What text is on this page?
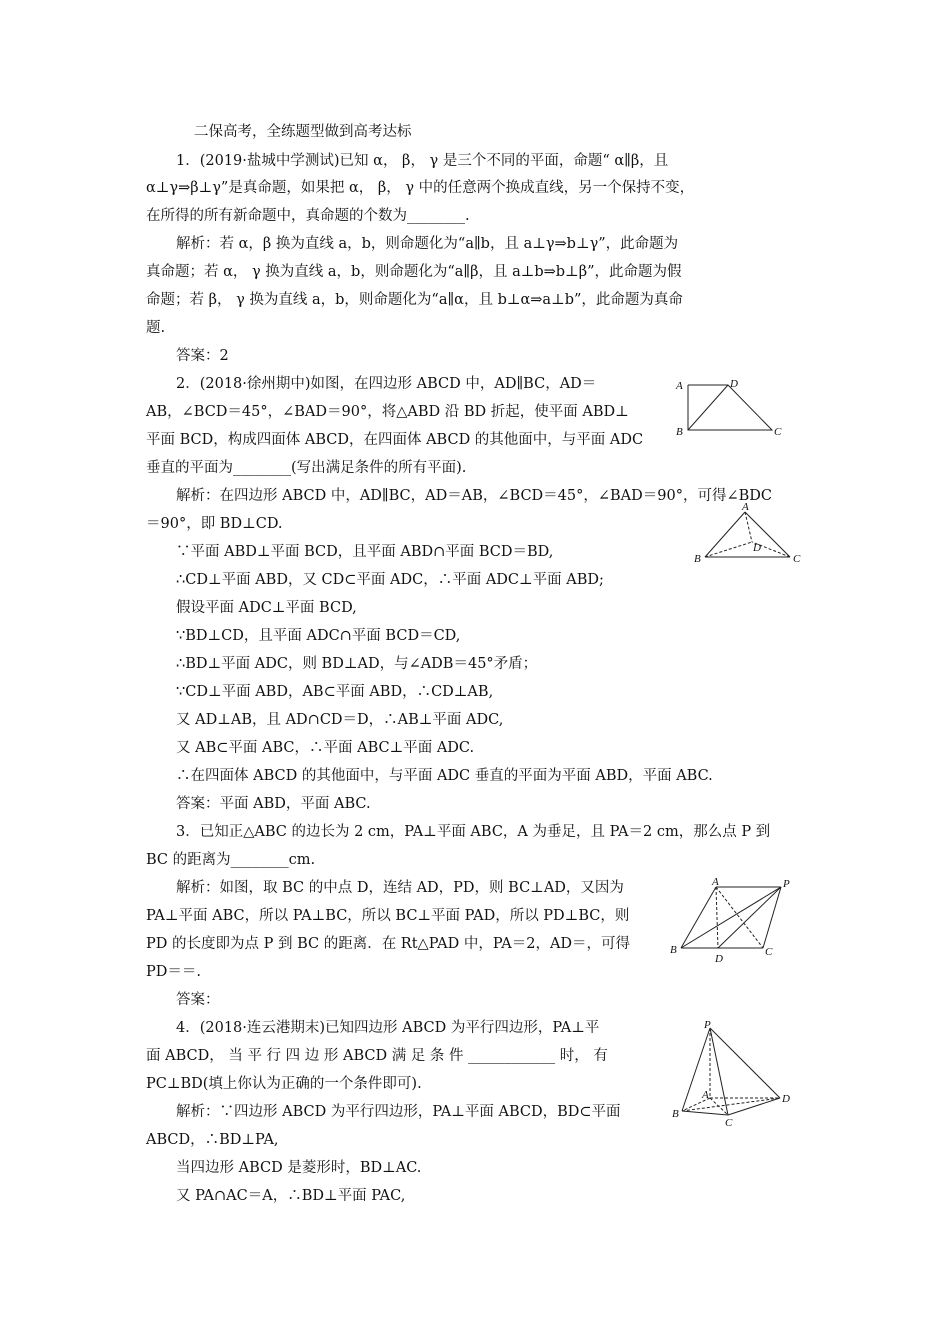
二保高考，全练题型做到高考达标
1．(2019·盐城中学测试)已知 α， β， γ 是三个不同的平面，命题“ α∥β，且
α⊥γ⇒β⊥γ”是真命题，如果把 α， β， γ 中的任意两个换成直线，另一个保持不变，
在所得的所有新命题中，真命题的个数为________.
解析：若 α，β 换为直线 a，b，则命题化为“a∥b，且 a⊥γ⇒b⊥γ”，此命题为
真命题；若 α， γ 换为直线 a，b，则命题化为“a∥β，且 a⊥b⇒b⊥β”，此命题为假
命题；若 β， γ 换为直线 a，b，则命题化为“a∥α，且 b⊥α⇒a⊥b”，此命题为真命
题.
答案：2
2．(2018·徐州期中)如图，在四边形 ABCD 中，AD∥BC，AD＝
AB，∠BCD＝45°，∠BAD＝90°，将△ABD 沿 BD 折起，使平面 ABD⊥
平面 BCD，构成四面体 ABCD，在四面体 ABCD 的其他面中，与平面 ADC
垂直的平面为________(写出满足条件的所有平面).
解析：在四边形 ABCD 中，AD∥BC，AD＝AB，∠BCD＝45°，∠BAD＝90°，可得∠BDC
＝90°，即 BD⊥CD.
∵平面 ABD⊥平面 BCD，且平面 ABD∩平面 BCD＝BD,
∴CD⊥平面 ABD，又 CD⊂平面 ADC，∴平面 ADC⊥平面 ABD;
假设平面 ADC⊥平面 BCD,
∵BD⊥CD，且平面 ADC∩平面 BCD＝CD,
∴BD⊥平面 ADC，则 BD⊥AD，与∠ADB＝45°矛盾；
∵CD⊥平面 ABD，AB⊂平面 ABD，∴CD⊥AB,
又 AD⊥AB，且 AD∩CD＝D，∴AB⊥平面 ADC,
又 AB⊂平面 ABC，∴平面 ABC⊥平面 ADC.
∴在四面体 ABCD 的其他面中，与平面 ADC 垂直的平面为平面 ABD，平面 ABC.
答案：平面 ABD，平面 ABC.
3．已知正△ABC 的边长为 2 cm，PA⊥平面 ABC，A 为垂足，且 PA＝2 cm，那么点 P 到
BC 的距离为________cm.
解析：如图，取 BC 的中点 D，连结 AD，PD，则 BC⊥AD，又因为
PA⊥平面 ABC，所以 PA⊥BC，所以 BC⊥平面 PAD，所以 PD⊥BC，则
PD 的长度即为点 P 到 BC 的距离．在 Rt△PAD 中，PA＝2，AD＝，可得
PD＝＝.
答案：
4．(2018·连云港期末)已知四边形 ABCD 为平行四边形，PA⊥平
面 ABCD， 当 平 行 四 边 形 ABCD 满 足 条 件 ____________ 时， 有
PC⊥BD(填上你认为正确的一个条件即可).
解析：∵四边形 ABCD 为平行四边形，PA⊥平面 ABCD，BD⊂平面
ABCD，∴BD⊥PA,
当四边形 ABCD 是菱形时，BD⊥AC.
又 PA∩AC＝A，∴BD⊥平面 PAC,
A	D
B	C
A
D
B	C
A	P
B
D
C
P
A
B
C
D
